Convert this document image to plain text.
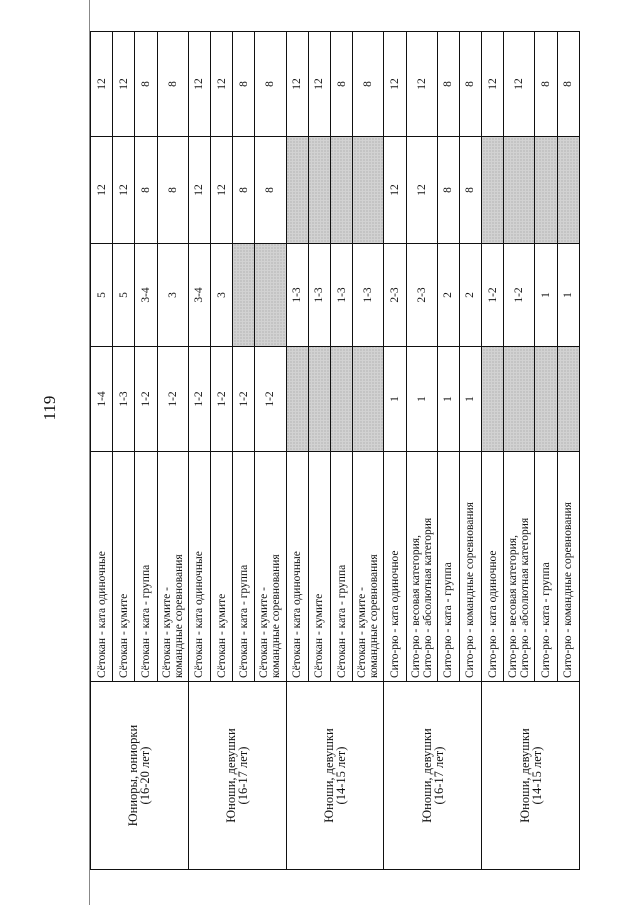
119
Юниоры, юниорки
(16-20 лет)	Сётокан - ката одиночные	1-4	5	12	12

	Сётокан - кумите	1-3	5	12	12

	Сётокан - ката - группа	1-2	3-4	8	8

	Сётокан - кумите - командные соревнования	1-2	3	8	8

Юноши, девушки
(16-17 лет)	Сётокан - ката одиночные	1-2	3-4	12	12

	Сётокан - кумите	1-2	3	12	12

	Сётокан - ката - группа	1-2		8	8

	Сётокан - кумите - командные соревнования	1-2		8	8

Юноши, девушки
(14-15 лет)	Сётокан - ката одиночные		1-3		12

	Сётокан - кумите		1-3		12

	Сётокан - ката - группа		1-3		8

	Сётокан - кумите - командные соревнования		1-3		8

Юноши, девушки
(16-17 лет)	Сито-рю - ката одиночное	1	2-3	12	12

	Сито-рю - весовая категория, Сито-рю - абсолютная категория	1	2-3	12	12

	Сито-рю - ката - группа	1	2	8	8

	Сито-рю - командные соревнования	1	2	8	8

Юноши, девушки
(14-15 лет)	Сито-рю - ката одиночное		1-2		12

	Сито-рю - весовая категория, Сито-рю - абсолютная категория		1-2		12

	Сито-рю - ката - группа		1		8

	Сито-рю - командные соревнования		1		8
